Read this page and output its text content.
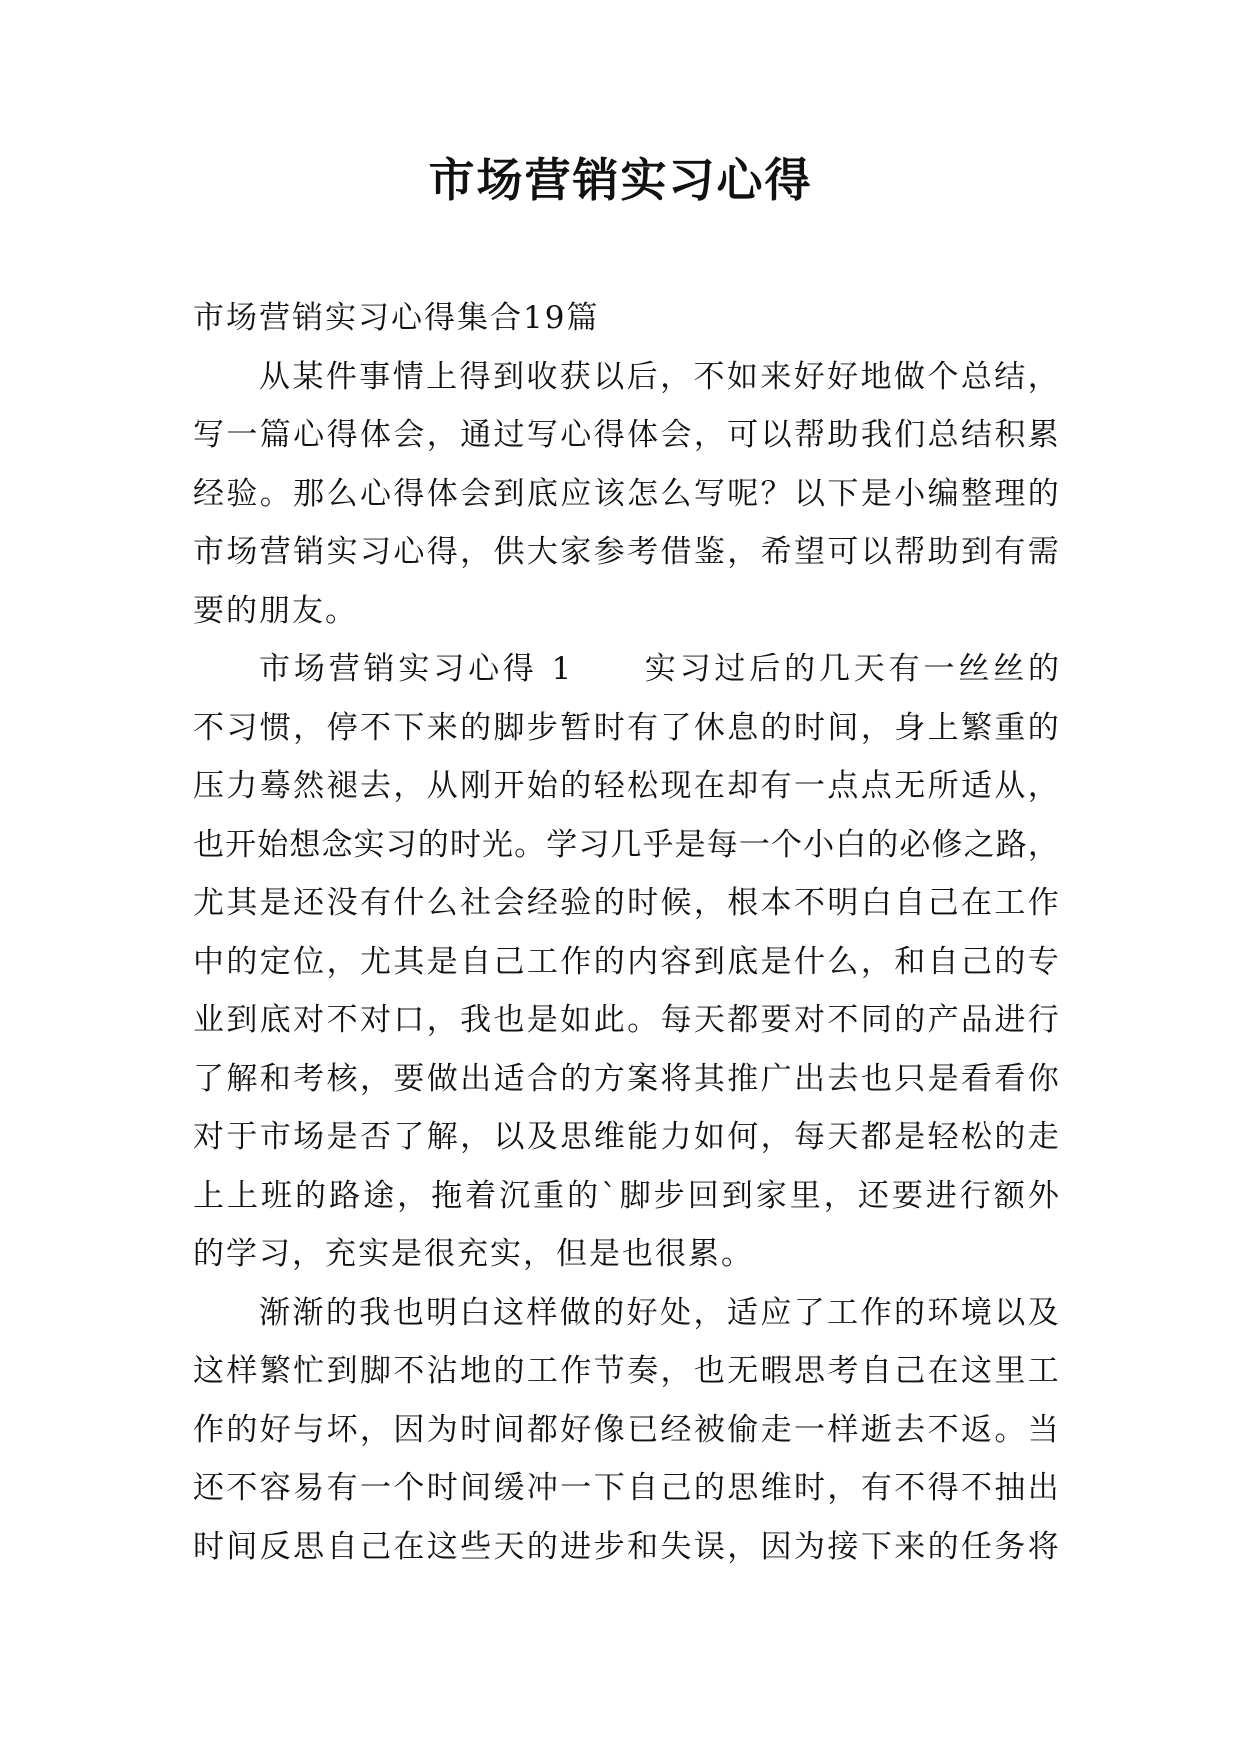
市场营销实习心得
市场营销实习心得集合19篇
从 某 件 事 情 上 得 到 收 获 以 后 ， 不 如 来 好 好 地 做 个 总 结 ，
写 一 篇 心 得 体 会 ， 通 过 写 心 得 体 会 ， 可 以 帮 助 我 们 总 结 积 累
经 验 。 那 么 心 得 体 会 到 底 应 该 怎 么 写 呢 ？ 以 下 是 小 编 整 理 的
市 场 营 销 实 习 心 得 ， 供 大 家 参 考 借 鉴 ， 希 望 可 以 帮 助 到 有 需
要的朋友。
市 场 营 销 实 习 心 得
1

　 实 习 过 后 的 几 天 有 一 丝 丝 的
不 习 惯 ， 停 不 下 来 的 脚 步 暂 时 有 了 休 息 的 时 间 ， 身 上 繁 重 的
压 力 蓦 然 褪 去 ， 从 刚 开 始 的 轻 松 现 在 却 有 一 点 点 无 所 适 从 ，
也 开 始 想 念 实 习 的 时 光 。 学 习 几 乎 是 每 一 个 小 白 的 必 修 之 路 ，
尤 其 是 还 没 有 什 么 社 会 经 验 的 时 候 ， 根 本 不 明 白 自 己 在 工 作
中 的 定 位 ， 尤 其 是 自 己 工 作 的 内 容 到 底 是 什 么 ， 和 自 己 的 专
业 到 底 对 不 对 口 ， 我 也 是 如 此 。 每 天 都 要 对 不 同 的 产 品 进 行
了 解 和 考 核 ， 要 做 出 适 合 的 方 案 将 其 推 广 出 去 也 只 是 看 看 你
对 于 市 场 是 否 了 解 ， 以 及 思 维 能 力 如 何 ， 每 天 都 是 轻 松 的 走
上 上 班 的 路 途 ， 拖 着 沉 重 的 ` 脚 步 回 到 家 里 ， 还 要 进 行 额 外
的学习，充实是很充实，但是也很累。
渐 渐 的 我 也 明 白 这 样 做 的 好 处 ， 适 应 了 工 作 的 环 境 以 及
这 样 繁 忙 到 脚 不 沾 地 的 工 作 节 奏 ， 也 无 暇 思 考 自 己 在 这 里 工
作 的 好 与 坏 ， 因 为 时 间 都 好 像 已 经 被 偷 走 一 样 逝 去 不 返 。 当
还 不 容 易 有 一 个 时 间 缓 冲 一 下 自 己 的 思 维 时 ， 有 不 得 不 抽 出
时 间 反 思 自 己 在 这 些 天 的 进 步 和 失 误 ， 因 为 接 下 来 的 任 务 将
